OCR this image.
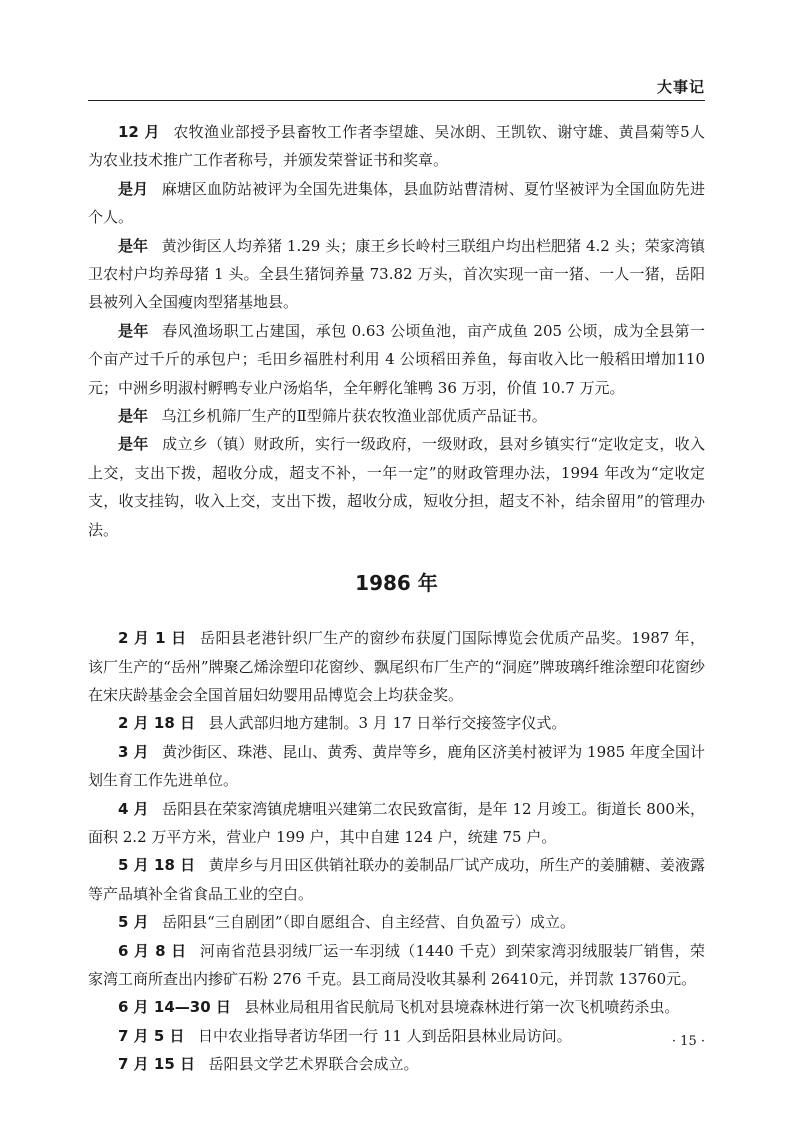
大事记

12 月 农牧渔业部授予县畜牧工作者李望雄、吴冰朗、王凯钦、谢守雄、黄昌菊等5人为农业技术推广工作者称号，并颁发荣誉证书和奖章。

是月 麻塘区血防站被评为全国先进集体，县血防站曹清树、夏竹坚被评为全国血防先进个人。

是年 黄沙街区人均养猪 1.29 头；康王乡长岭村三联组户均出栏肥猪 4.2 头；荣家湾镇卫农村户均养母猪 1 头。全县生猪饲养量 73.82 万头，首次实现一亩一猪、一人一猪，岳阳县被列入全国瘦肉型猪基地县。

是年 春风渔场职工占建国，承包 0.63 公顷鱼池，亩产成鱼 205 公顷，成为全县第一个亩产过千斤的承包户；毛田乡福胜村利用 4 公顷稻田养鱼，每亩收入比一般稻田增加110 元；中洲乡明淑村孵鸭专业户汤焰华，全年孵化雏鸭 36 万羽，价值 10.7 万元。

是年 乌江乡机筛厂生产的Ⅱ型筛片获农牧渔业部优质产品证书。

是年 成立乡（镇）财政所，实行一级政府，一级财政，县对乡镇实行“定收定支，收入上交，支出下拨，超收分成，超支不补，一年一定”的财政管理办法，1994 年改为“定收定支，收支挂钩，收入上交，支出下拨，超收分成，短收分担，超支不补，结余留用”的管理办法。

1986 年

2 月 1 日 岳阳县老港针织厂生产的窗纱布获厦门国际博览会优质产品奖。1987 年，该厂生产的“岳州”牌聚乙烯涂塑印花窗纱、飘尾织布厂生产的“洞庭”牌玻璃纤维涂塑印花窗纱在宋庆龄基金会全国首届妇幼婴用品博览会上均获金奖。

2 月 18 日 县人武部归地方建制。3 月 17 日举行交接签字仪式。

3 月 黄沙街区、珠港、昆山、黄秀、黄岸等乡，鹿角区济美村被评为 1985 年度全国计划生育工作先进单位。

4 月 岳阳县在荣家湾镇虎塘咀兴建第二农民致富街，是年 12 月竣工。街道长 800米，面积 2.2 万平方米，营业户 199 户，其中自建 124 户，统建 75 户。

5 月 18 日 黄岸乡与月田区供销社联办的姜制品厂试产成功，所生产的姜脯糖、姜液露等产品填补全省食品工业的空白。

5 月 岳阳县“三自剧团”（即自愿组合、自主经营、自负盈亏）成立。

6 月 8 日 河南省范县羽绒厂运一车羽绒（1440 千克）到荣家湾羽绒服装厂销售，荣家湾工商所查出内掺矿石粉 276 千克。县工商局没收其暴利 26410元，并罚款 13760元。

6 月 14—30 日 县林业局租用省民航局飞机对县境森林进行第一次飞机喷药杀虫。

7 月 5 日 日中农业指导者访华团一行 11 人到岳阳县林业局访问。

7 月 15 日 岳阳县文学艺术界联合会成立。

· 15 ·
